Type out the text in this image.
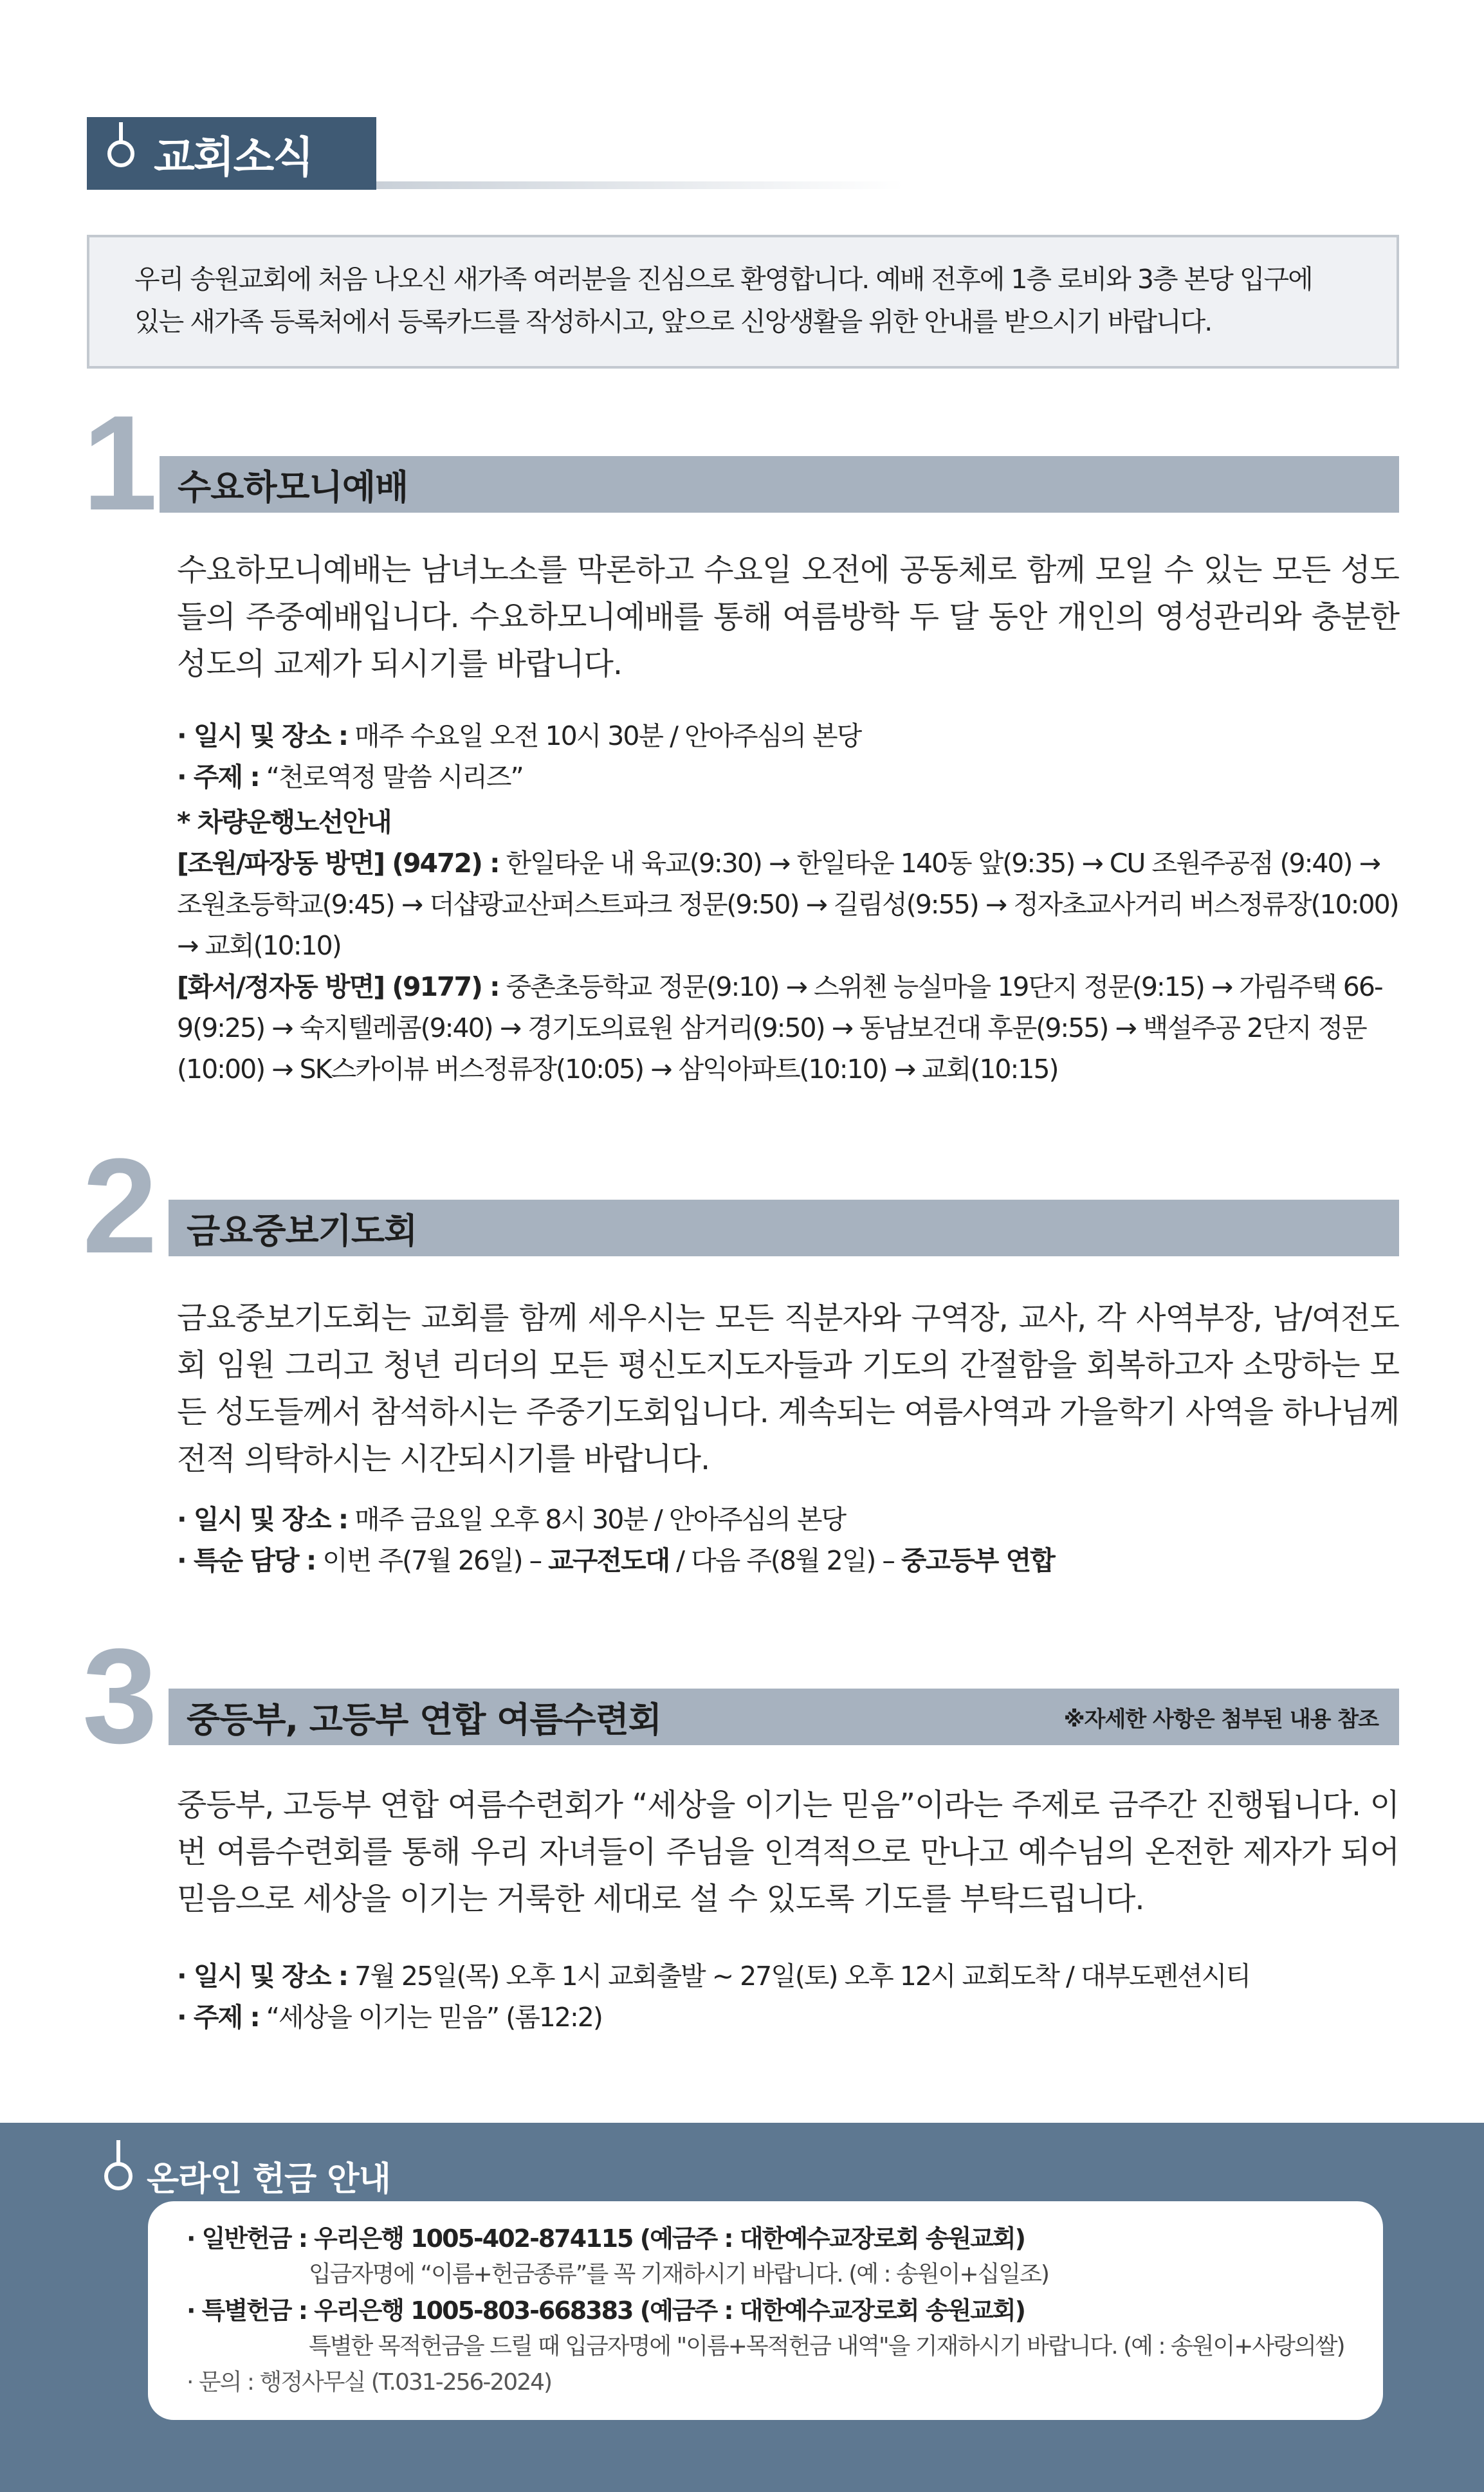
교회소식
우리 송원교회에 처음 나오신 새가족 여러분을 진심으로 환영합니다. 예배 전후에 1층 로비와 3층 본당 입구에
있는 새가족 등록처에서 등록카드를 작성하시고, 앞으로 신앙생활을 위한 안내를 받으시기 바랍니다.
1 수요하모니예배
수요하모니예배는 남녀노소를 막론하고 수요일 오전에 공동체로 함께 모일 수 있는 모든 성도들의 주중예배입니다. 수요하모니예배를 통해 여름방학 두 달 동안 개인의 영성관리와 충분한 성도의 교제가 되시기를 바랍니다.
· 일시 및 장소 : 매주 수요일 오전 10시 30분 / 안아주심의 본당
· 주제 : “천로역정 말씀 시리즈”
* 차량운행노선안내
[조원/파장동 방면] (9472) : 한일타운 내 육교(9:30) → 한일타운 140동 앞(9:35) → CU 조원주공점 (9:40) → 조원초등학교(9:45) → 더샵광교산퍼스트파크 정문(9:50) → 길림성(9:55) → 정자초교사거리 버스정류장(10:00) → 교회(10:10)
[화서/정자동 방면] (9177) : 중촌초등학교 정문(9:10) → 스위첸 능실마을 19단지 정문(9:15) → 가림주택 66-9(9:25) → 숙지텔레콤(9:40) → 경기도의료원 삼거리(9:50) → 동남보건대 후문(9:55) → 백설주공 2단지 정문(10:00) → SK스카이뷰 버스정류장(10:05) → 삼익아파트(10:10) → 교회(10:15)
2 금요중보기도회
금요중보기도회는 교회를 함께 세우시는 모든 직분자와 구역장, 교사, 각 사역부장, 남/여전도회 임원 그리고 청년 리더의 모든 평신도지도자들과 기도의 간절함을 회복하고자 소망하는 모든 성도들께서 참석하시는 주중기도회입니다. 계속되는 여름사역과 가을학기 사역을 하나님께 전적 의탁하시는 시간되시기를 바랍니다.
· 일시 및 장소 : 매주 금요일 오후 8시 30분 / 안아주심의 본당
· 특순 담당 : 이번 주(7월 26일) – 교구전도대 / 다음 주(8월 2일) – 중고등부 연합
3 중등부, 고등부 연합 여름수련회	※자세한 사항은 첨부된 내용 참조
중등부, 고등부 연합 여름수련회가 “세상을 이기는 믿음”이라는 주제로 금주간 진행됩니다. 이번 여름수련회를 통해 우리 자녀들이 주님을 인격적으로 만나고 예수님의 온전한 제자가 되어 믿음으로 세상을 이기는 거룩한 세대로 설 수 있도록 기도를 부탁드립니다.
· 일시 및 장소 : 7월 25일(목) 오후 1시 교회출발 ~ 27일(토) 오후 12시 교회도착 / 대부도펜션시티
· 주제 : “세상을 이기는 믿음” (롬12:2)
온라인 헌금 안내
· 일반헌금 : 우리은행 1005-402-874115 (예금주 : 대한예수교장로회 송원교회)
입금자명에 “이름+헌금종류”를 꼭 기재하시기 바랍니다. (예 : 송원이+십일조)
· 특별헌금 : 우리은행 1005-803-668383 (예금주 : 대한예수교장로회 송원교회)
특별한 목적헌금을 드릴 때 입금자명에 "이름+목적헌금 내역"을 기재하시기 바랍니다. (예 : 송원이+사랑의쌀)
· 문의 : 행정사무실 (T.031-256-2024)
